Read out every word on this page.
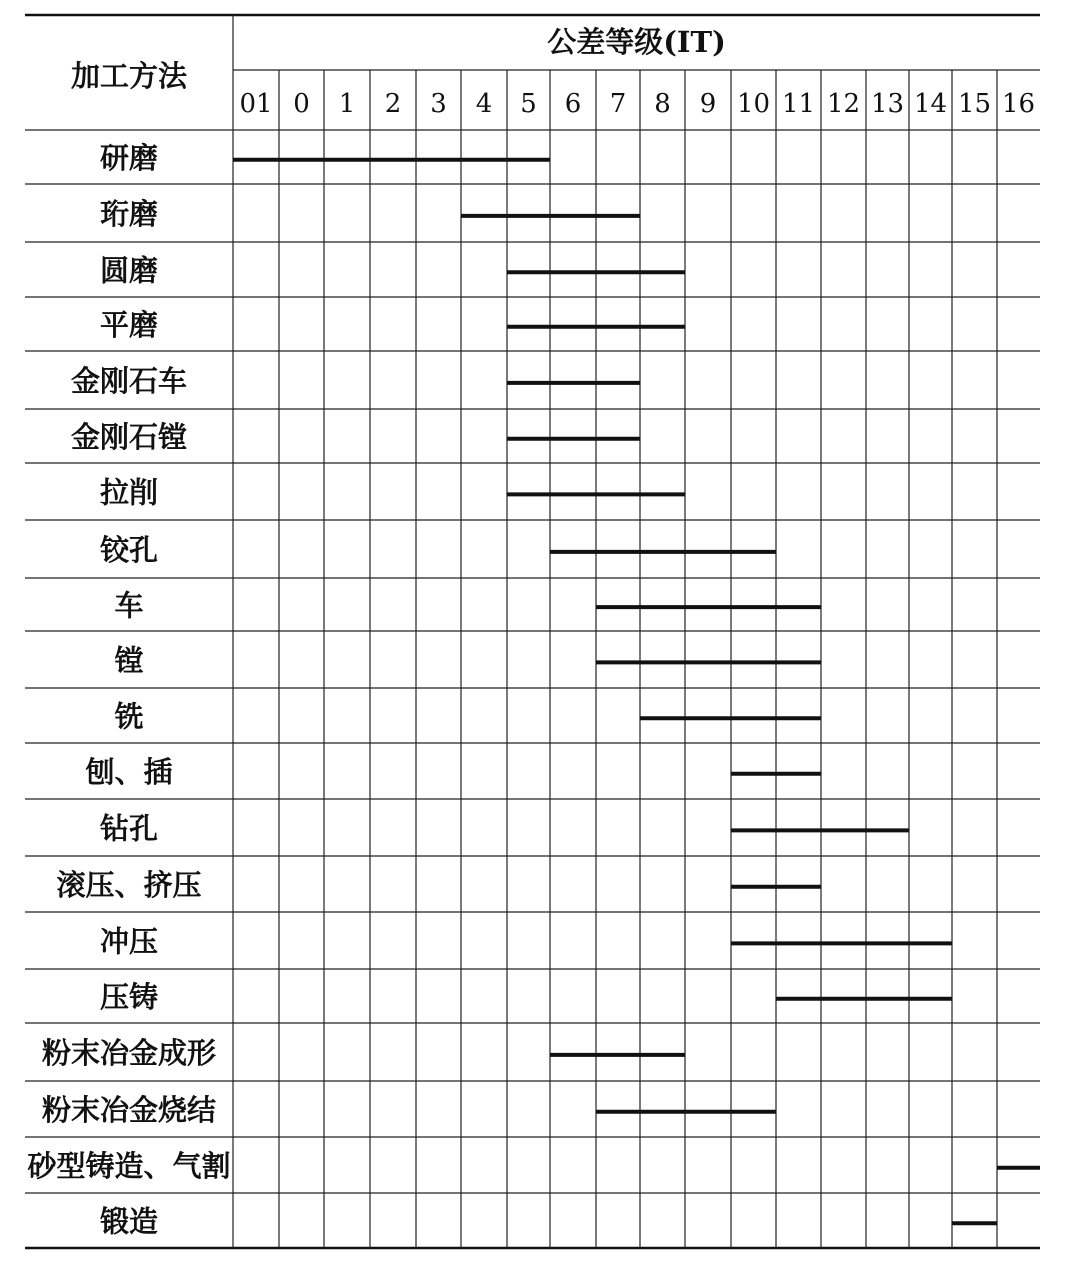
加工方法
公差等级(IT)
01 0 1 2 3 4 5 6 7 8 9 10 11 12 13 14 15 16
研磨
珩磨
圆磨
平磨
金刚石车
金刚石镗
拉削
铰孔
车
镗
铣
刨、插
钻孔
滚压、挤压
冲压
压铸
粉末冶金成形
粉末冶金烧结
砂型铸造、气割
锻造
